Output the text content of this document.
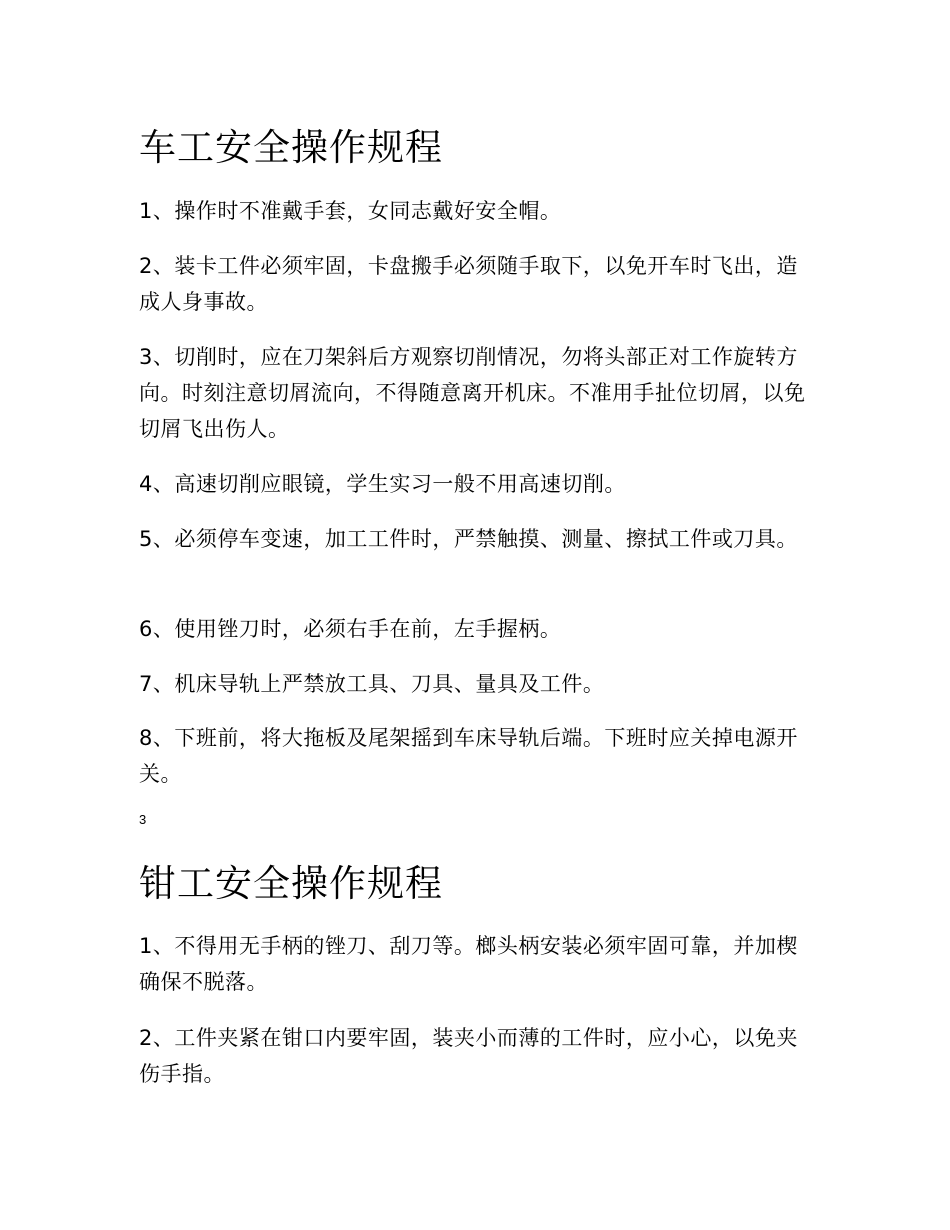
车工安全操作规程

1、操作时不准戴手套，女同志戴好安全帽。

2、装卡工件必须牢固，卡盘搬手必须随手取下，以免开车时飞出，造成人身事故。

3、切削时，应在刀架斜后方观察切削情况，勿将头部正对工作旋转方向。时刻注意切屑流向，不得随意离开机床。不准用手扯位切屑，以免切屑飞出伤人。

4、高速切削应眼镜，学生实习一般不用高速切削。

5、必须停车变速，加工工件时，严禁触摸、测量、擦拭工件或刀具。

6、使用锉刀时，必须右手在前，左手握柄。

7、机床导轨上严禁放工具、刀具、量具及工件。

8、下班前，将大拖板及尾架摇到车床导轨后端。下班时应关掉电源开关。

3

钳工安全操作规程

1、不得用无手柄的锉刀、刮刀等。榔头柄安装必须牢固可靠，并加楔确保不脱落。

2、工件夹紧在钳口内要牢固，装夹小而薄的工件时，应小心，以免夹伤手指。
